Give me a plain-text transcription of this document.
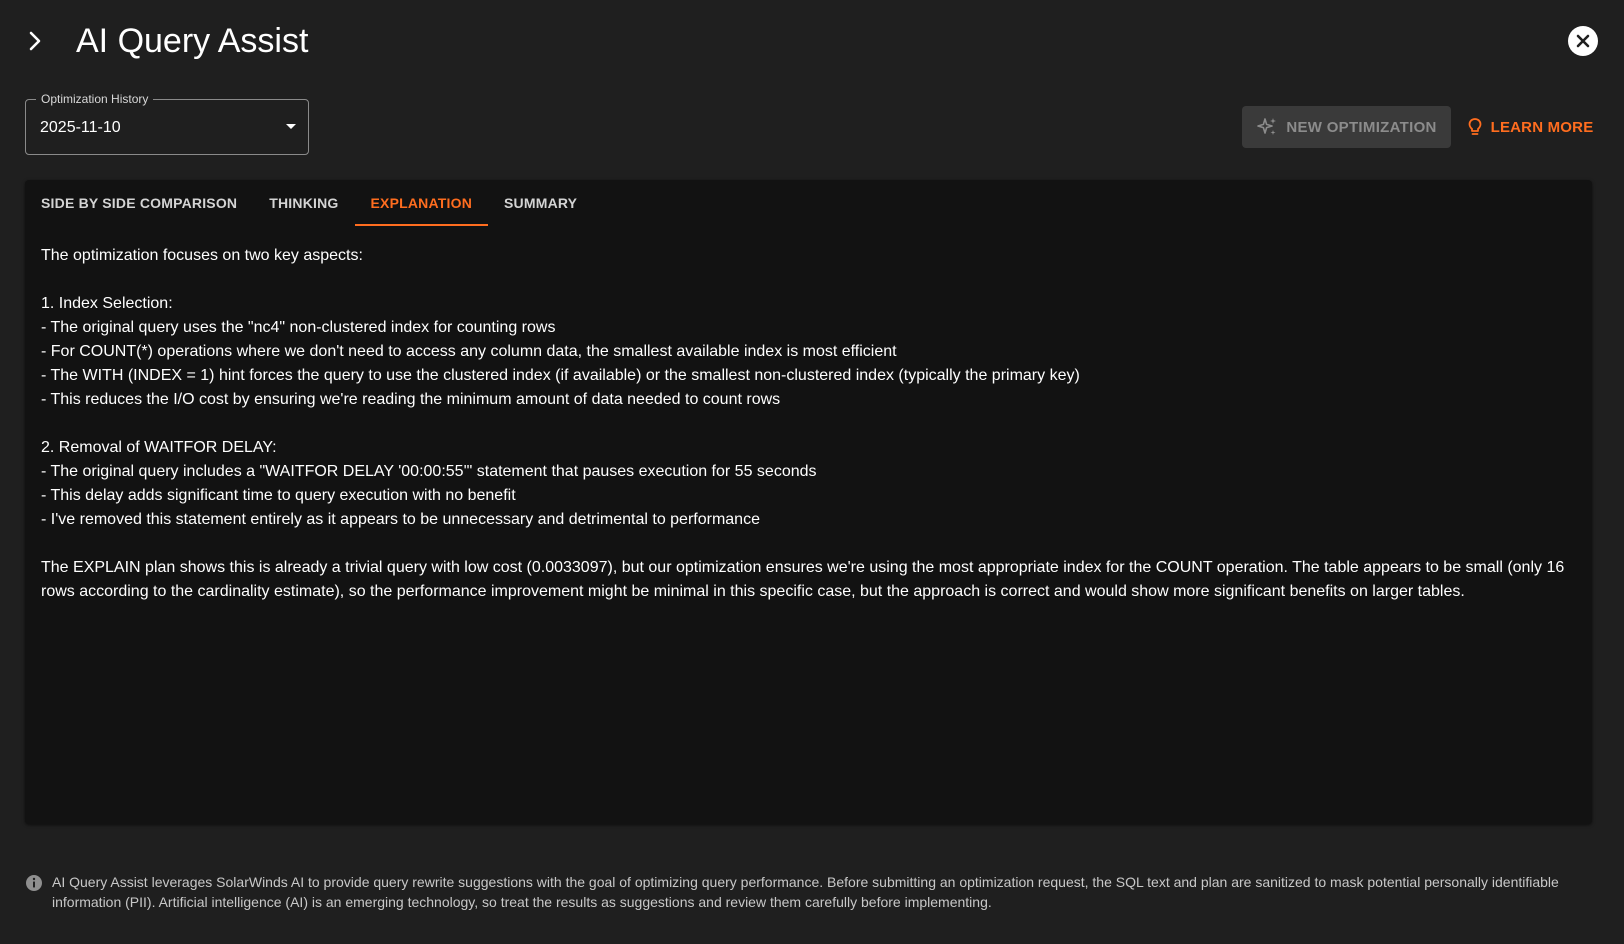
AI Query Assist
Optimization History
2025-11-10	NEW OPTIMIZATION	LEARN MORE
SIDE BY SIDE COMPARISON	THINKING	EXPLANATION	SUMMARY

The optimization focuses on two key aspects:

1. Index Selection:

- The original query uses the "nc4" non-clustered index for counting rows

- For COUNT(*) operations where we don't need to access any column data, the smallest available index is most efficient

- The WITH (INDEX = 1) hint forces the query to use the clustered index (if available) or the smallest non-clustered index (typically the primary key)

- This reduces the I/O cost by ensuring we're reading the minimum amount of data needed to count rows

2. Removal of WAITFOR DELAY:

- The original query includes a "WAITFOR DELAY '00:00:55'" statement that pauses execution for 55 seconds

- This delay adds significant time to query execution with no benefit

- I've removed this statement entirely as it appears to be unnecessary and detrimental to performance

The EXPLAIN plan shows this is already a trivial query with low cost (0.0033097), but our optimization ensures we're using the most appropriate index for the COUNT operation. The table appears to be small (only 16 rows according to the cardinality estimate), so the performance improvement might be minimal in this specific case, but the approach is correct and would show more significant benefits on larger tables.

AI Query Assist leverages SolarWinds AI to provide query rewrite suggestions with the goal of optimizing query performance. Before submitting an optimization request, the SQL text and plan are sanitized to mask potential personally identifiable information (PII). Artificial intelligence (AI) is an emerging technology, so treat the results as suggestions and review them carefully before implementing.
